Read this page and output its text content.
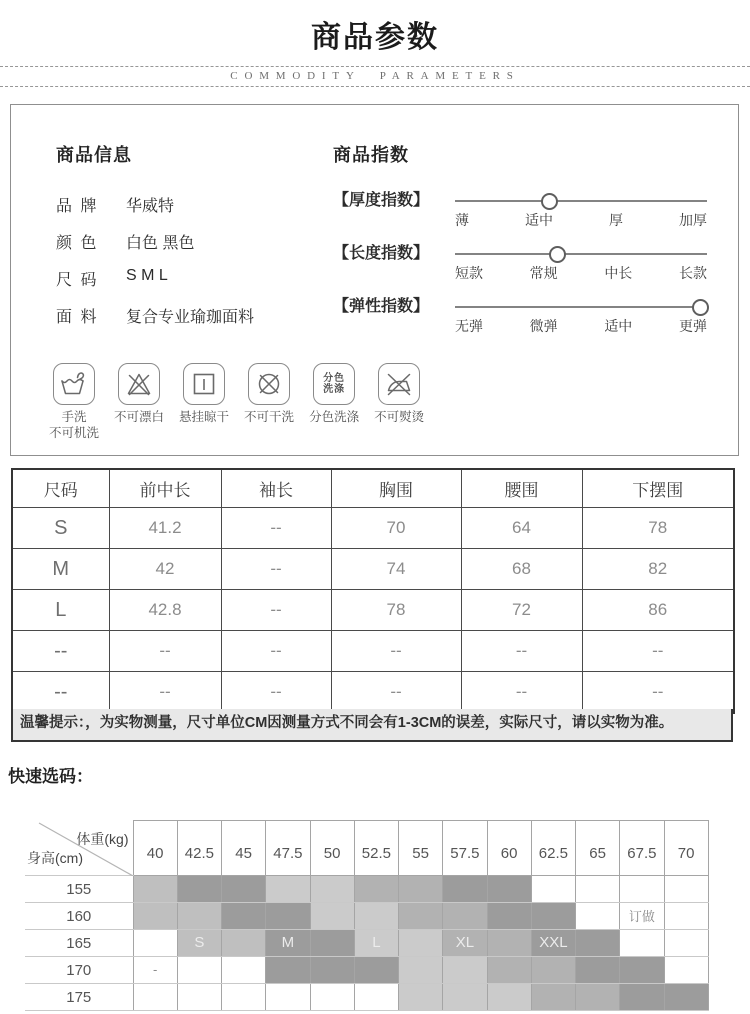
商品参数
COMMODITY PARAMETERS
商品信息
品 牌	华威特
颜 色	白色 黑色
尺 码	S M L
面 料	复合专业瑜珈面料
商品指数
【厚度指数】
薄	适中	厚	加厚
【长度指数】
短款	常规	中长	长款
【弹性指数】
无弹	微弹	适中	更弹
手洗
不可机洗
不可漂白 悬挂晾干 不可干洗
分色
洗涤
分色洗涤 不可熨烫
尺码	前中长	袖长	胸围	腰围	下摆围
S	41.2	--	70	64	78
M	42	--	74	68	82
L	42.8	--	78	72	86
--	--	--	--	--	--
--	--	--	--	--	--
温馨提示：，为实物测量，尺寸单位CM因测量方式不同会有1-3CM的误差，实际尺寸，请以实物为准。
快速选码：
体重(kg)
身高(cm)	40	42.5	45	47.5	50	52.5	55	57.5	60	62.5	65	67.5	70
155													
160												订做	
165		S		M		L		XL		XXL			
170	-												
175													
